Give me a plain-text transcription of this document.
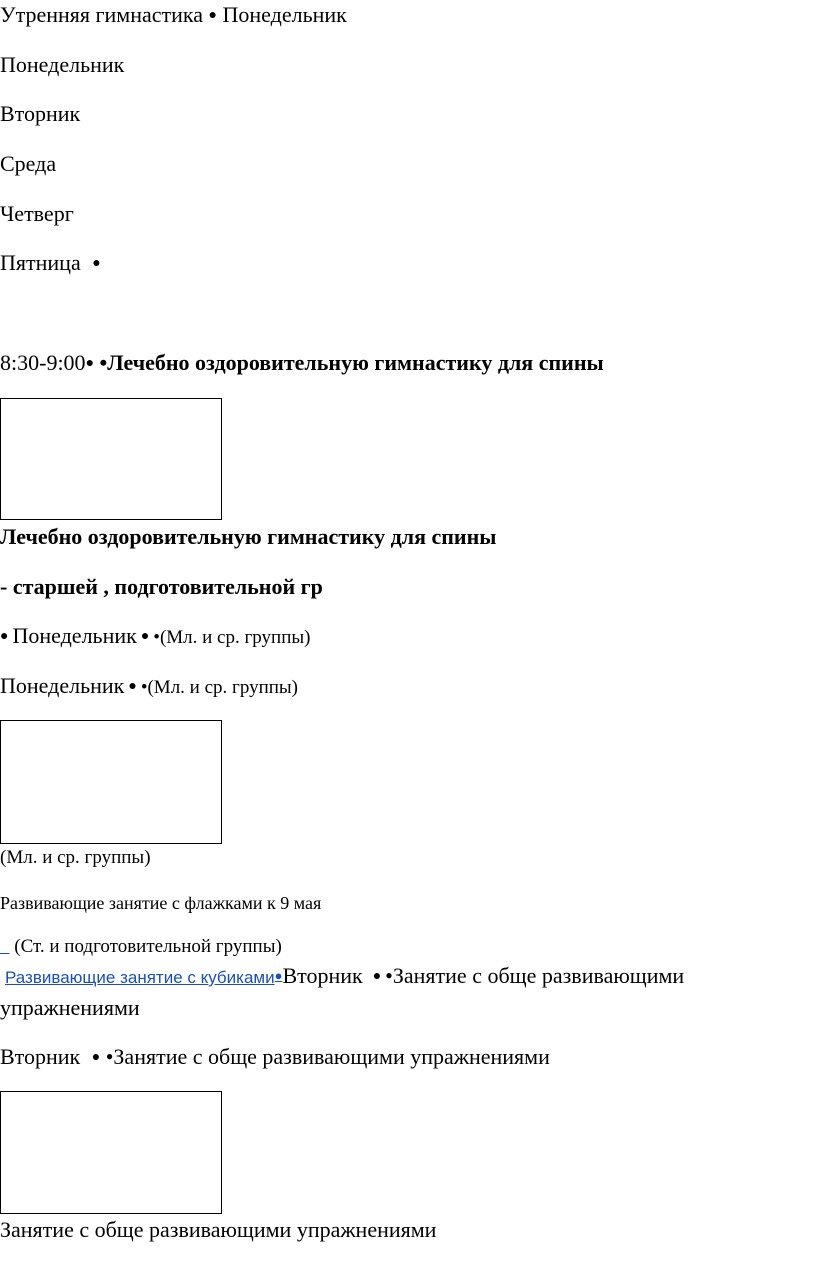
Утренняя гимнастика ● Понедельник
Понедельник
Вторник
Среда
Четверг
Пятница ●
8:30-9:00● •Лечебно оздоровительную гимнастику для спины
Лечебно оздоровительную гимнастику для спины
- старшей , подготовительной гр
● Понедельник ● •(Мл. и ср. группы)
Понедельник ● •(Мл. и ср. группы)
(Мл. и ср. группы)
Развивающие занятие с флажками к 9 мая
(Ст. и подготовительной группы)
Развивающие занятие с кубиками●Вторник ● •Занятие с обще развивающими
упражнениями
Вторник ● •Занятие с обще развивающими упражнениями
Занятие с обще развивающими упражнениями
